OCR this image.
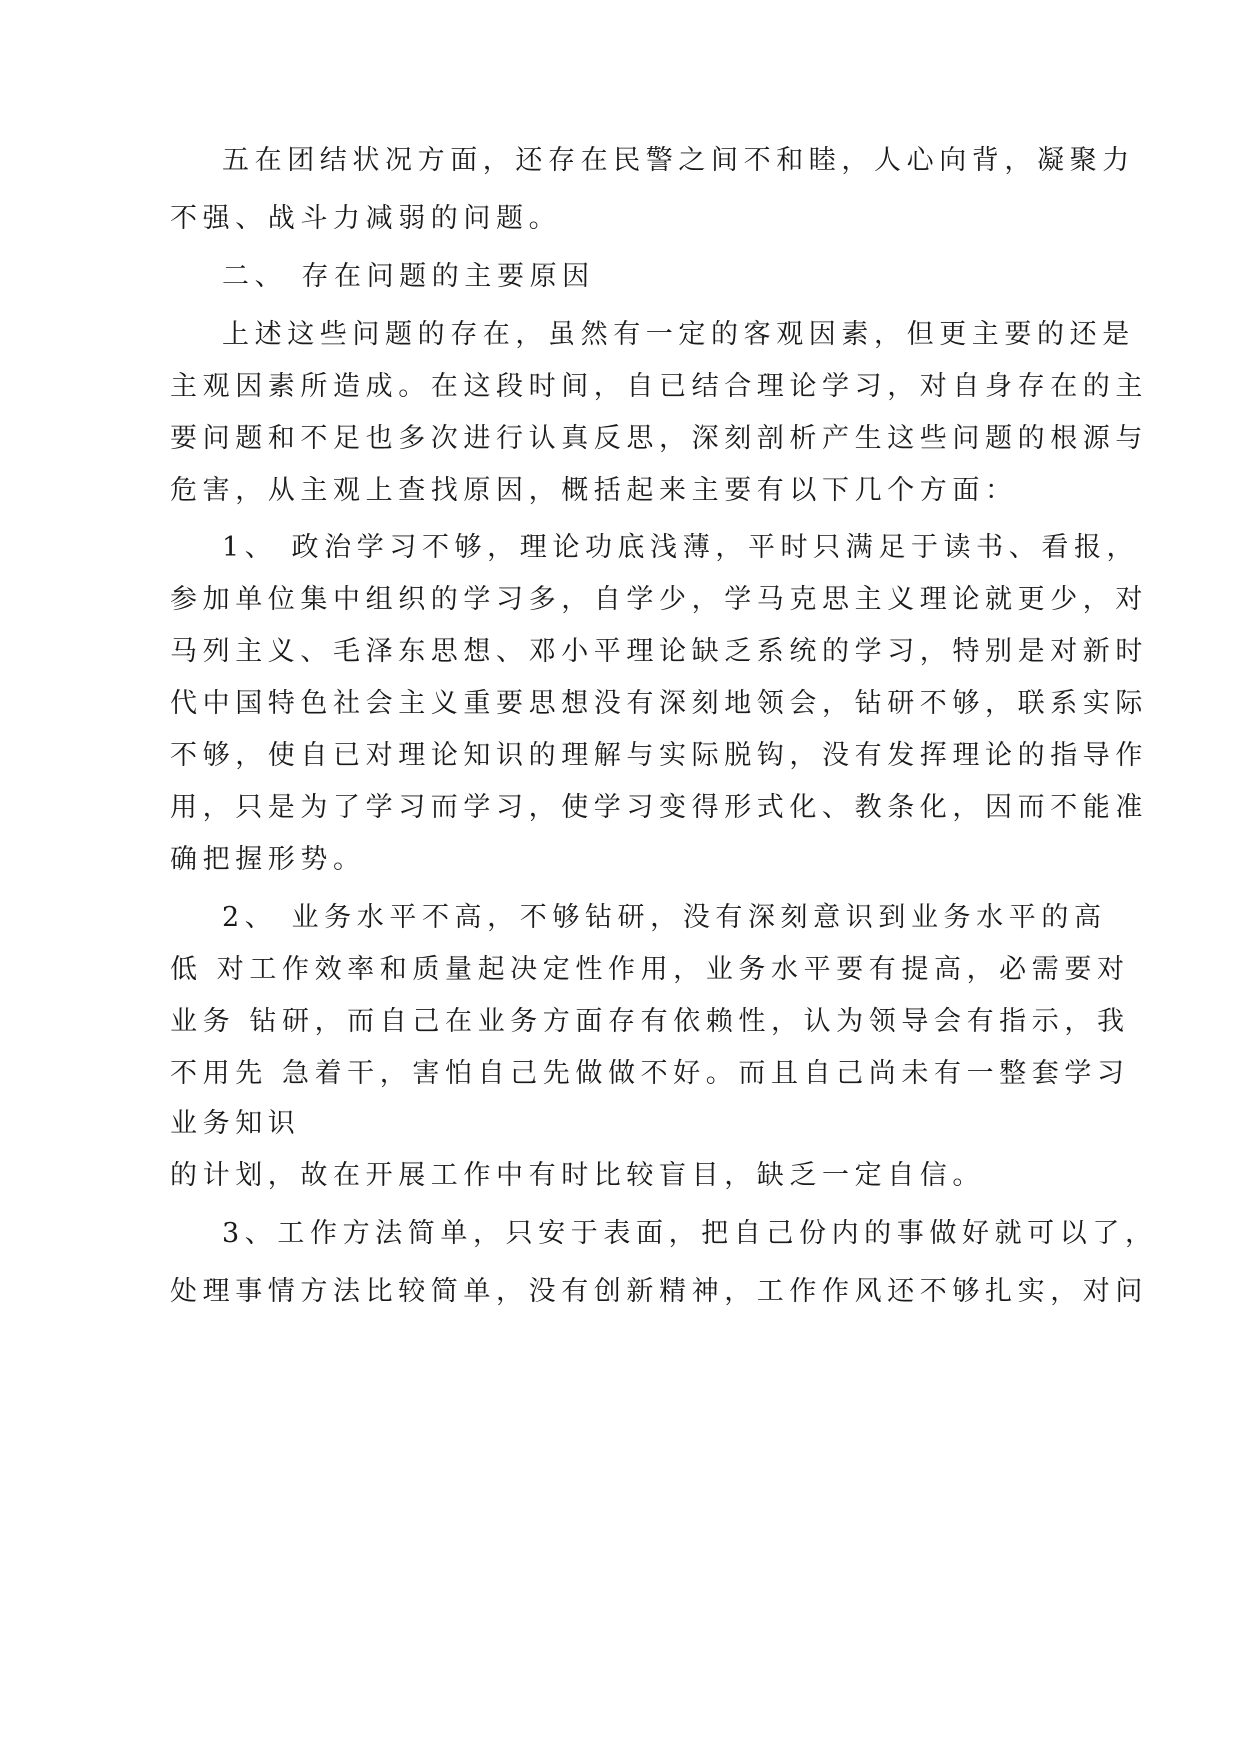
五在团结状况方面，还存在民警之间不和睦，人心向背，凝聚力
不强、战斗力减弱的问题。
二、 存在问题的主要原因
上述这些问题的存在，虽然有一定的客观因素，但更主要的还是
主观因素所造成。在这段时间，自已结合理论学习，对自身存在的主
要问题和不足也多次进行认真反思，深刻剖析产生这些问题的根源与
危害，从主观上查找原因，概括起来主要有以下几个方面：
1、 政治学习不够，理论功底浅薄，平时只满足于读书、看报，
参加单位集中组织的学习多，自学少，学马克思主义理论就更少，对
马列主义、毛泽东思想、邓小平理论缺乏系统的学习，特别是对新时
代中国特色社会主义重要思想没有深刻地领会，钻研不够，联系实际
不够，使自已对理论知识的理解与实际脱钩，没有发挥理论的指导作
用，只是为了学习而学习，使学习变得形式化、教条化，因而不能准
确把握形势。
2、 业务水平不高，不够钻研，没有深刻意识到业务水平的高
低 对工作效率和质量起决定性作用，业务水平要有提高，必需要对
业务 钻研，而自己在业务方面存有依赖性，认为领导会有指示，我
不用先 急着干，害怕自己先做做不好。而且自己尚未有一整套学习
业务知识
的计划，故在开展工作中有时比较盲目，缺乏一定自信。
3、工作方法简单，只安于表面，把自己份内的事做好就可以了，
处理事情方法比较简单，没有创新精神，工作作风还不够扎实，对问
